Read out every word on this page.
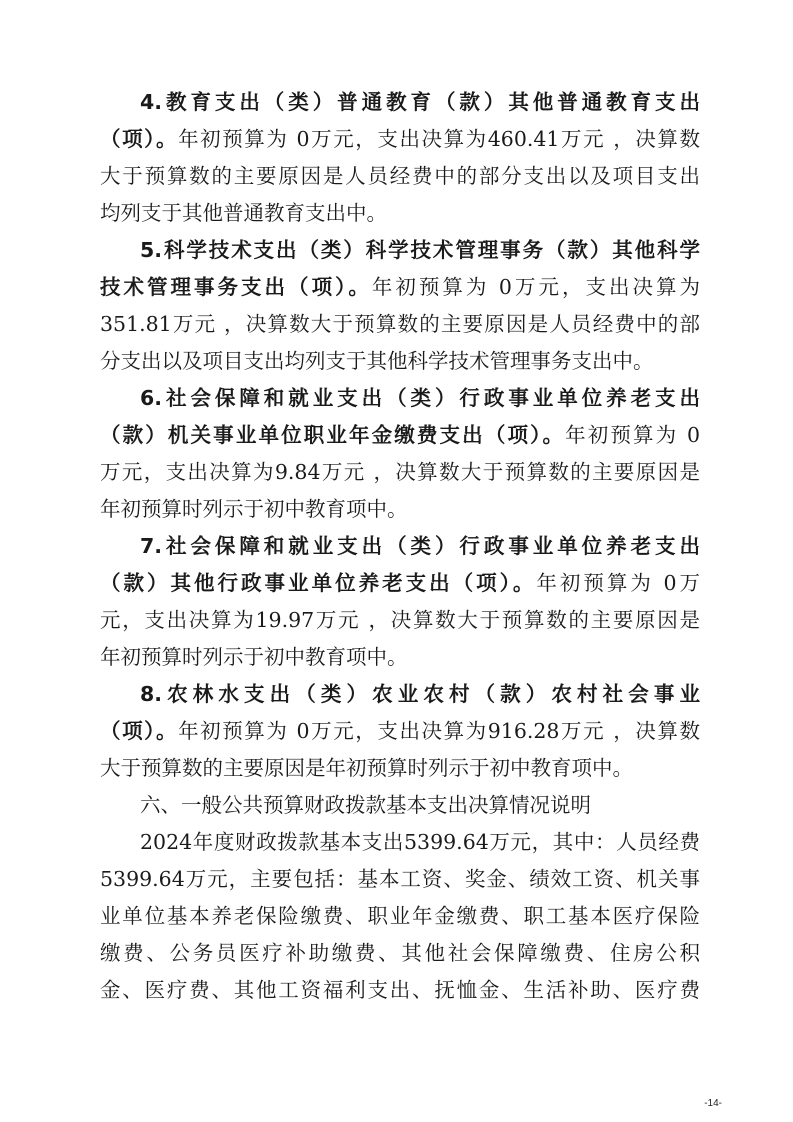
4.教育支出（类）普通教育（款）其他普通教育支出
（项）。年初预算为 0万元，支出决算为460.41万元 ，决算数
大于预算数的主要原因是人员经费中的部分支出以及项目支出
均列支于其他普通教育支出中。
5.科学技术支出（类）科学技术管理事务（款）其他科学
技术管理事务支出（项）。年初预算为 0万元，支出决算为
351.81万元 ，决算数大于预算数的主要原因是人员经费中的部
分支出以及项目支出均列支于其他科学技术管理事务支出中。
6.社会保障和就业支出（类）行政事业单位养老支出
（款）机关事业单位职业年金缴费支出（项）。年初预算为 0
万元，支出决算为9.84万元 ，决算数大于预算数的主要原因是
年初预算时列示于初中教育项中。
7.社会保障和就业支出（类）行政事业单位养老支出
（款）其他行政事业单位养老支出（项）。年初预算为 0万
元，支出决算为19.97万元 ，决算数大于预算数的主要原因是
年初预算时列示于初中教育项中。
8.农林水支出（类）农业农村（款）农村社会事业
（项）。年初预算为 0万元，支出决算为916.28万元 ，决算数
大于预算数的主要原因是年初预算时列示于初中教育项中。
六、一般公共预算财政拨款基本支出决算情况说明
2024年度财政拨款基本支出5399.64万元，其中：人员经费
5399.64万元，主要包括：基本工资、奖金、绩效工资、机关事
业单位基本养老保险缴费、职业年金缴费、职工基本医疗保险
缴费、公务员医疗补助缴费、其他社会保障缴费、住房公积
金、医疗费、其他工资福利支出、抚恤金、生活补助、医疗费
-14-
